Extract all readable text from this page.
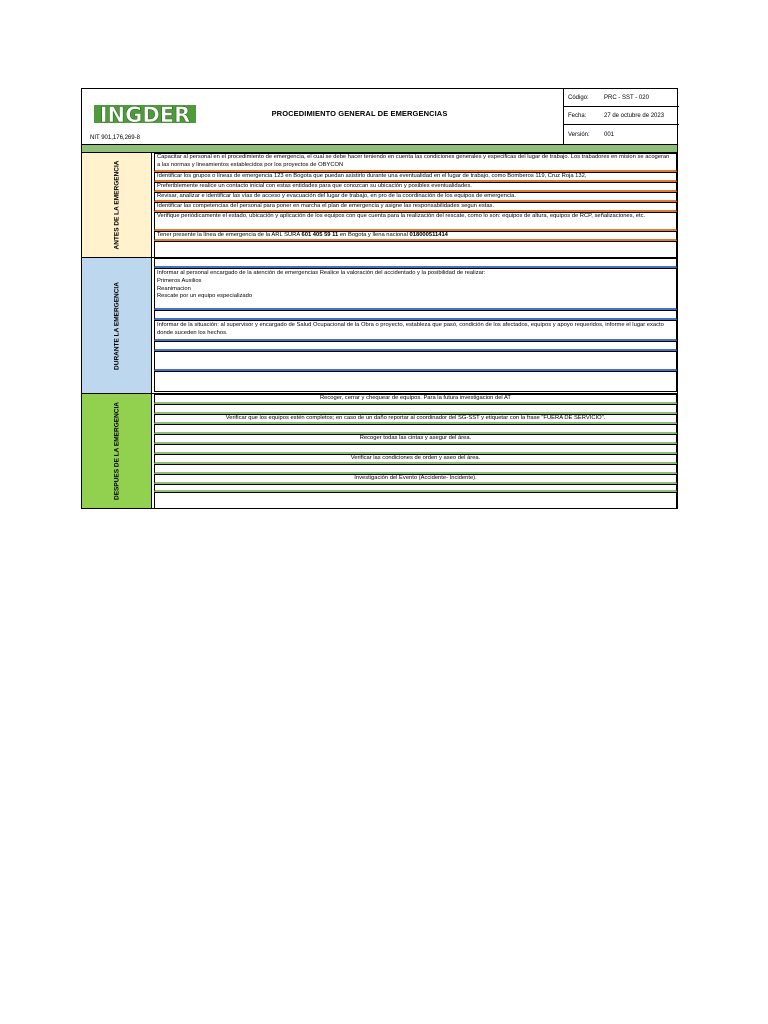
INGDER
NIT 901,176,269-8
PROCEDIMIENTO GENERAL DE EMERGENCIAS
Código:	PRC - SST - 020
Fecha:	27 de octubre de 2023
Versión:	001
ANTES DE LA EMERGENCIA
Capacitar al personal en el procedimiento de emergencia, el cual se debe hacer teniendo en cuenta las condiciones generales y especificas del lugar de trabajo. Los trabadores en mision se acogeran a las normas y lineamientos establecidos por los proyectos de OBYCON
Identificar los grupos o líneas de emergencia 123 en Bogota que puedan asistirlo durante una eventualidad en el lugar de trabajo, como Bomberos 119, Cruz Roja 132,
Preferiblemente realice un contacto inicial con estas entidades para que conozcan su ubicación y posibles eventualidades.
Revisar, analizar e identificar las vías de acceso y evacuación del lugar de trabajo, en pro de la coordinación de los equipos de emergencia.
Identificar las competencias del personal para poner en marcha el plan de emergencia y asigne las responsabilidades segun estas.
Verifique periódicamente el estado, ubicación y aplicación de los equipos con que cuenta para la realización del rescate, como lo son: equipos de altura, equipos de RCP, señalizaciones, etc.
Tener presente la línea de emergencia de la ARL SURA 601 405 59 11 en Bogota y llena nacional 018000511414
DURANTE LA EMERGENCIA
Informar al personal encargado de la atención de emergencias Realice la valoración del accidentado y la posibilidad de realizar:
Primeros Auxilios
Reanimacion
Rescate por un equipo especializado
Informar de la situación: al supervisor y encargado de Salud Ocupacional de la Obra o proyecto, estableza que pasó, condición de los afectados, equipos y apoyo requeridos, informe el lugar exacto donde suceden los hechos.
DESPUES DE LA EMERGENCIA
Recoger, cerrar y chequear de equipos. Para la futura investigacion del AT
Verificar que los equipos estén completos; en caso de un daño reportar al coordinador del SG-SST y etiquetar con la frase "FUERA DE SERVICIO".
Recoger todas las cintas y asegur del área.
Verificar las condiciones de orden y aseo del área.
Investigación del Evento (Accidente- Incidente).
